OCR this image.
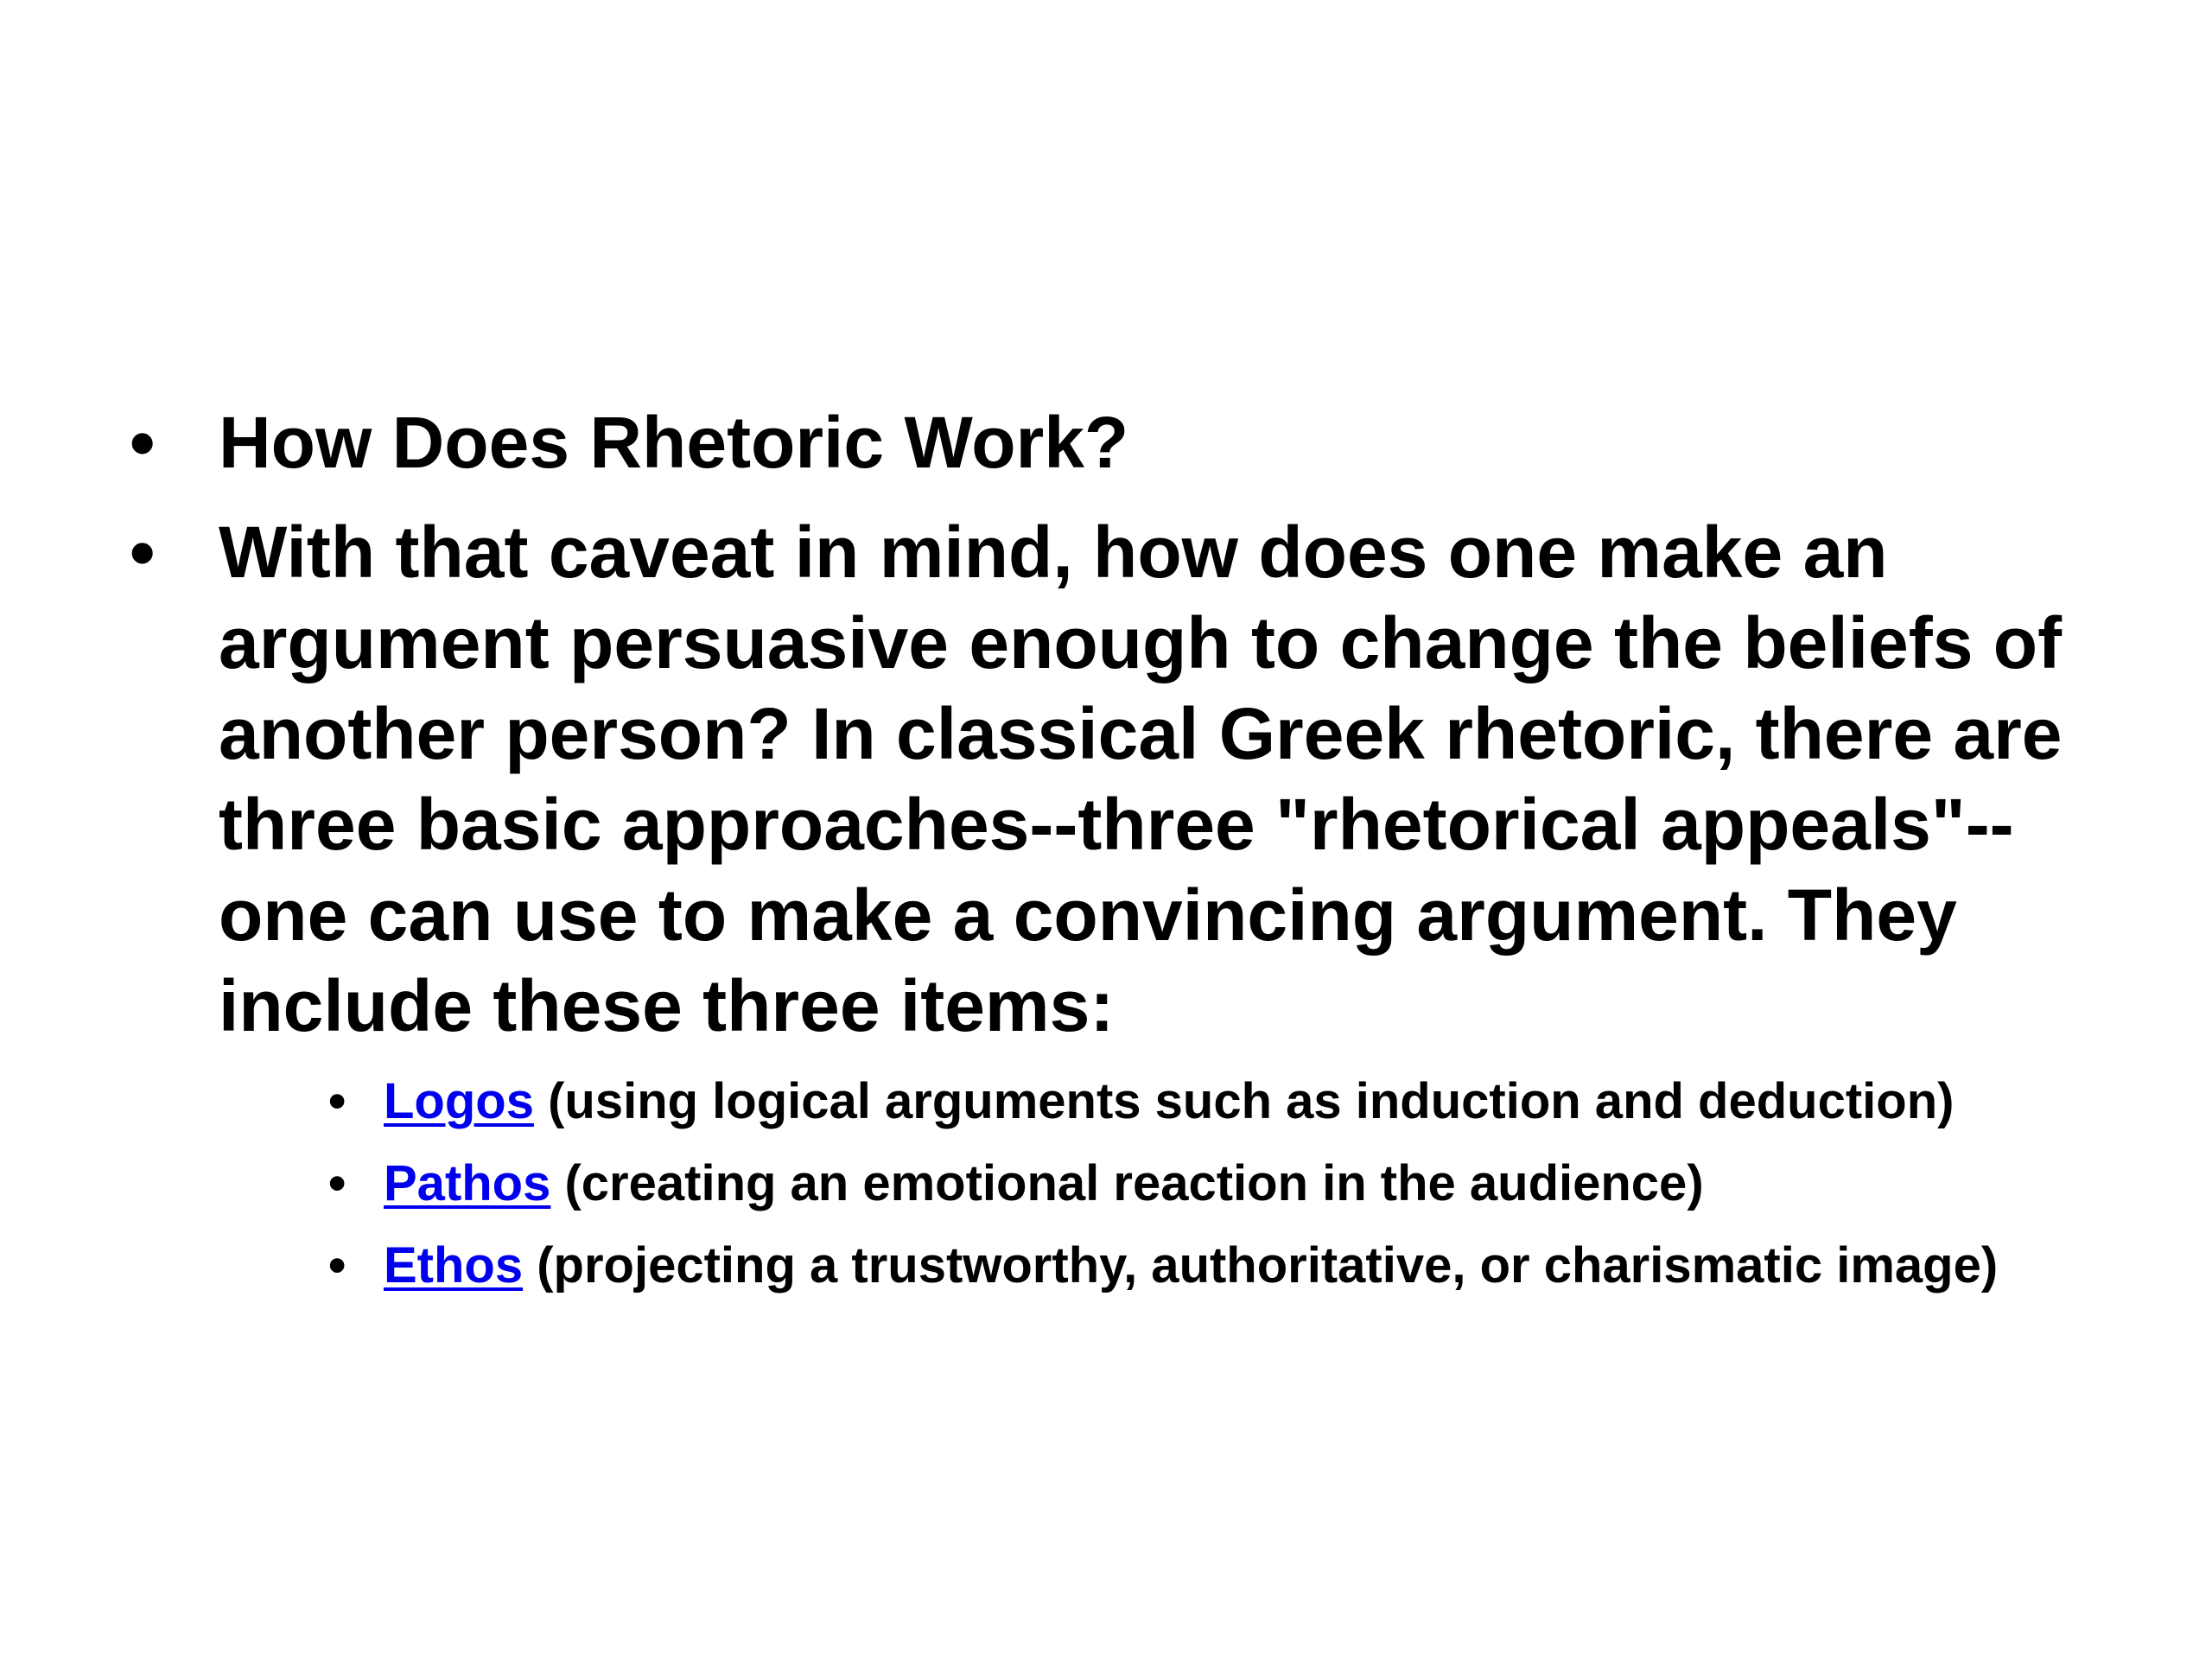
• How Does Rhetoric Work?
• With that caveat in mind, how does one make an argument persuasive enough to change the beliefs of another person? In classical Greek rhetoric, there are three basic approaches--three "rhetorical appeals"--one can use to make a convincing argument. They include these three items:
• Logos (using logical arguments such as induction and deduction)
• Pathos (creating an emotional reaction in the audience)
• Ethos (projecting a trustworthy, authoritative, or charismatic image)
